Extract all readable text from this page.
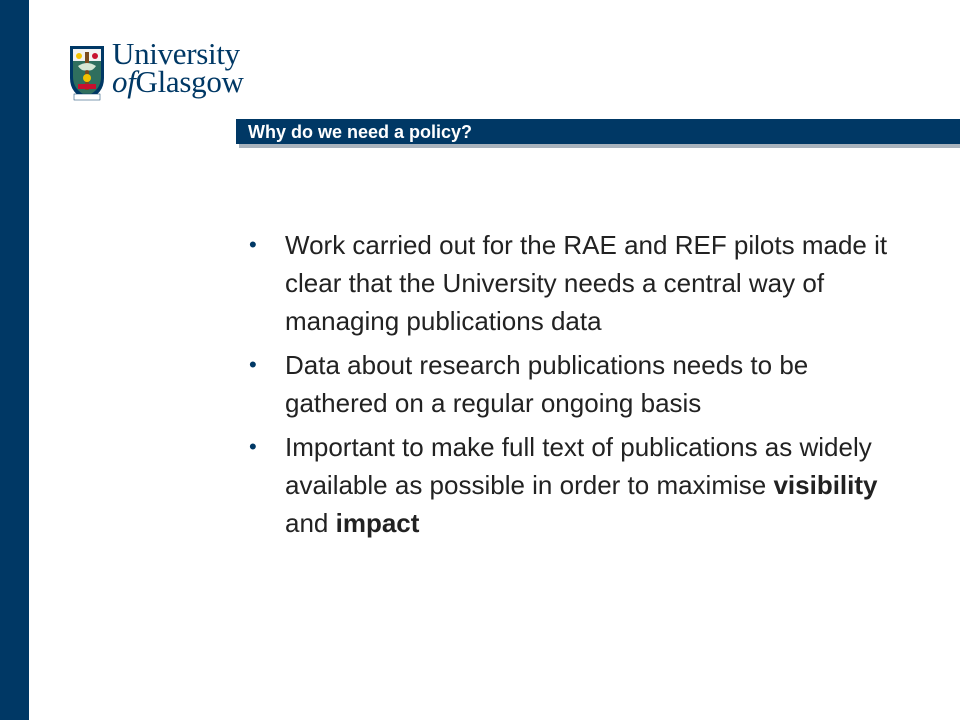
University
ofGlasgow
Why do we need a policy?
• Work carried out for the RAE and REF pilots made it clear that the University needs a central way of managing publications data
• Data about research publications needs to be gathered on a regular ongoing basis
• Important to make full text of publications as widely available as possible in order to maximise visibility and impact
